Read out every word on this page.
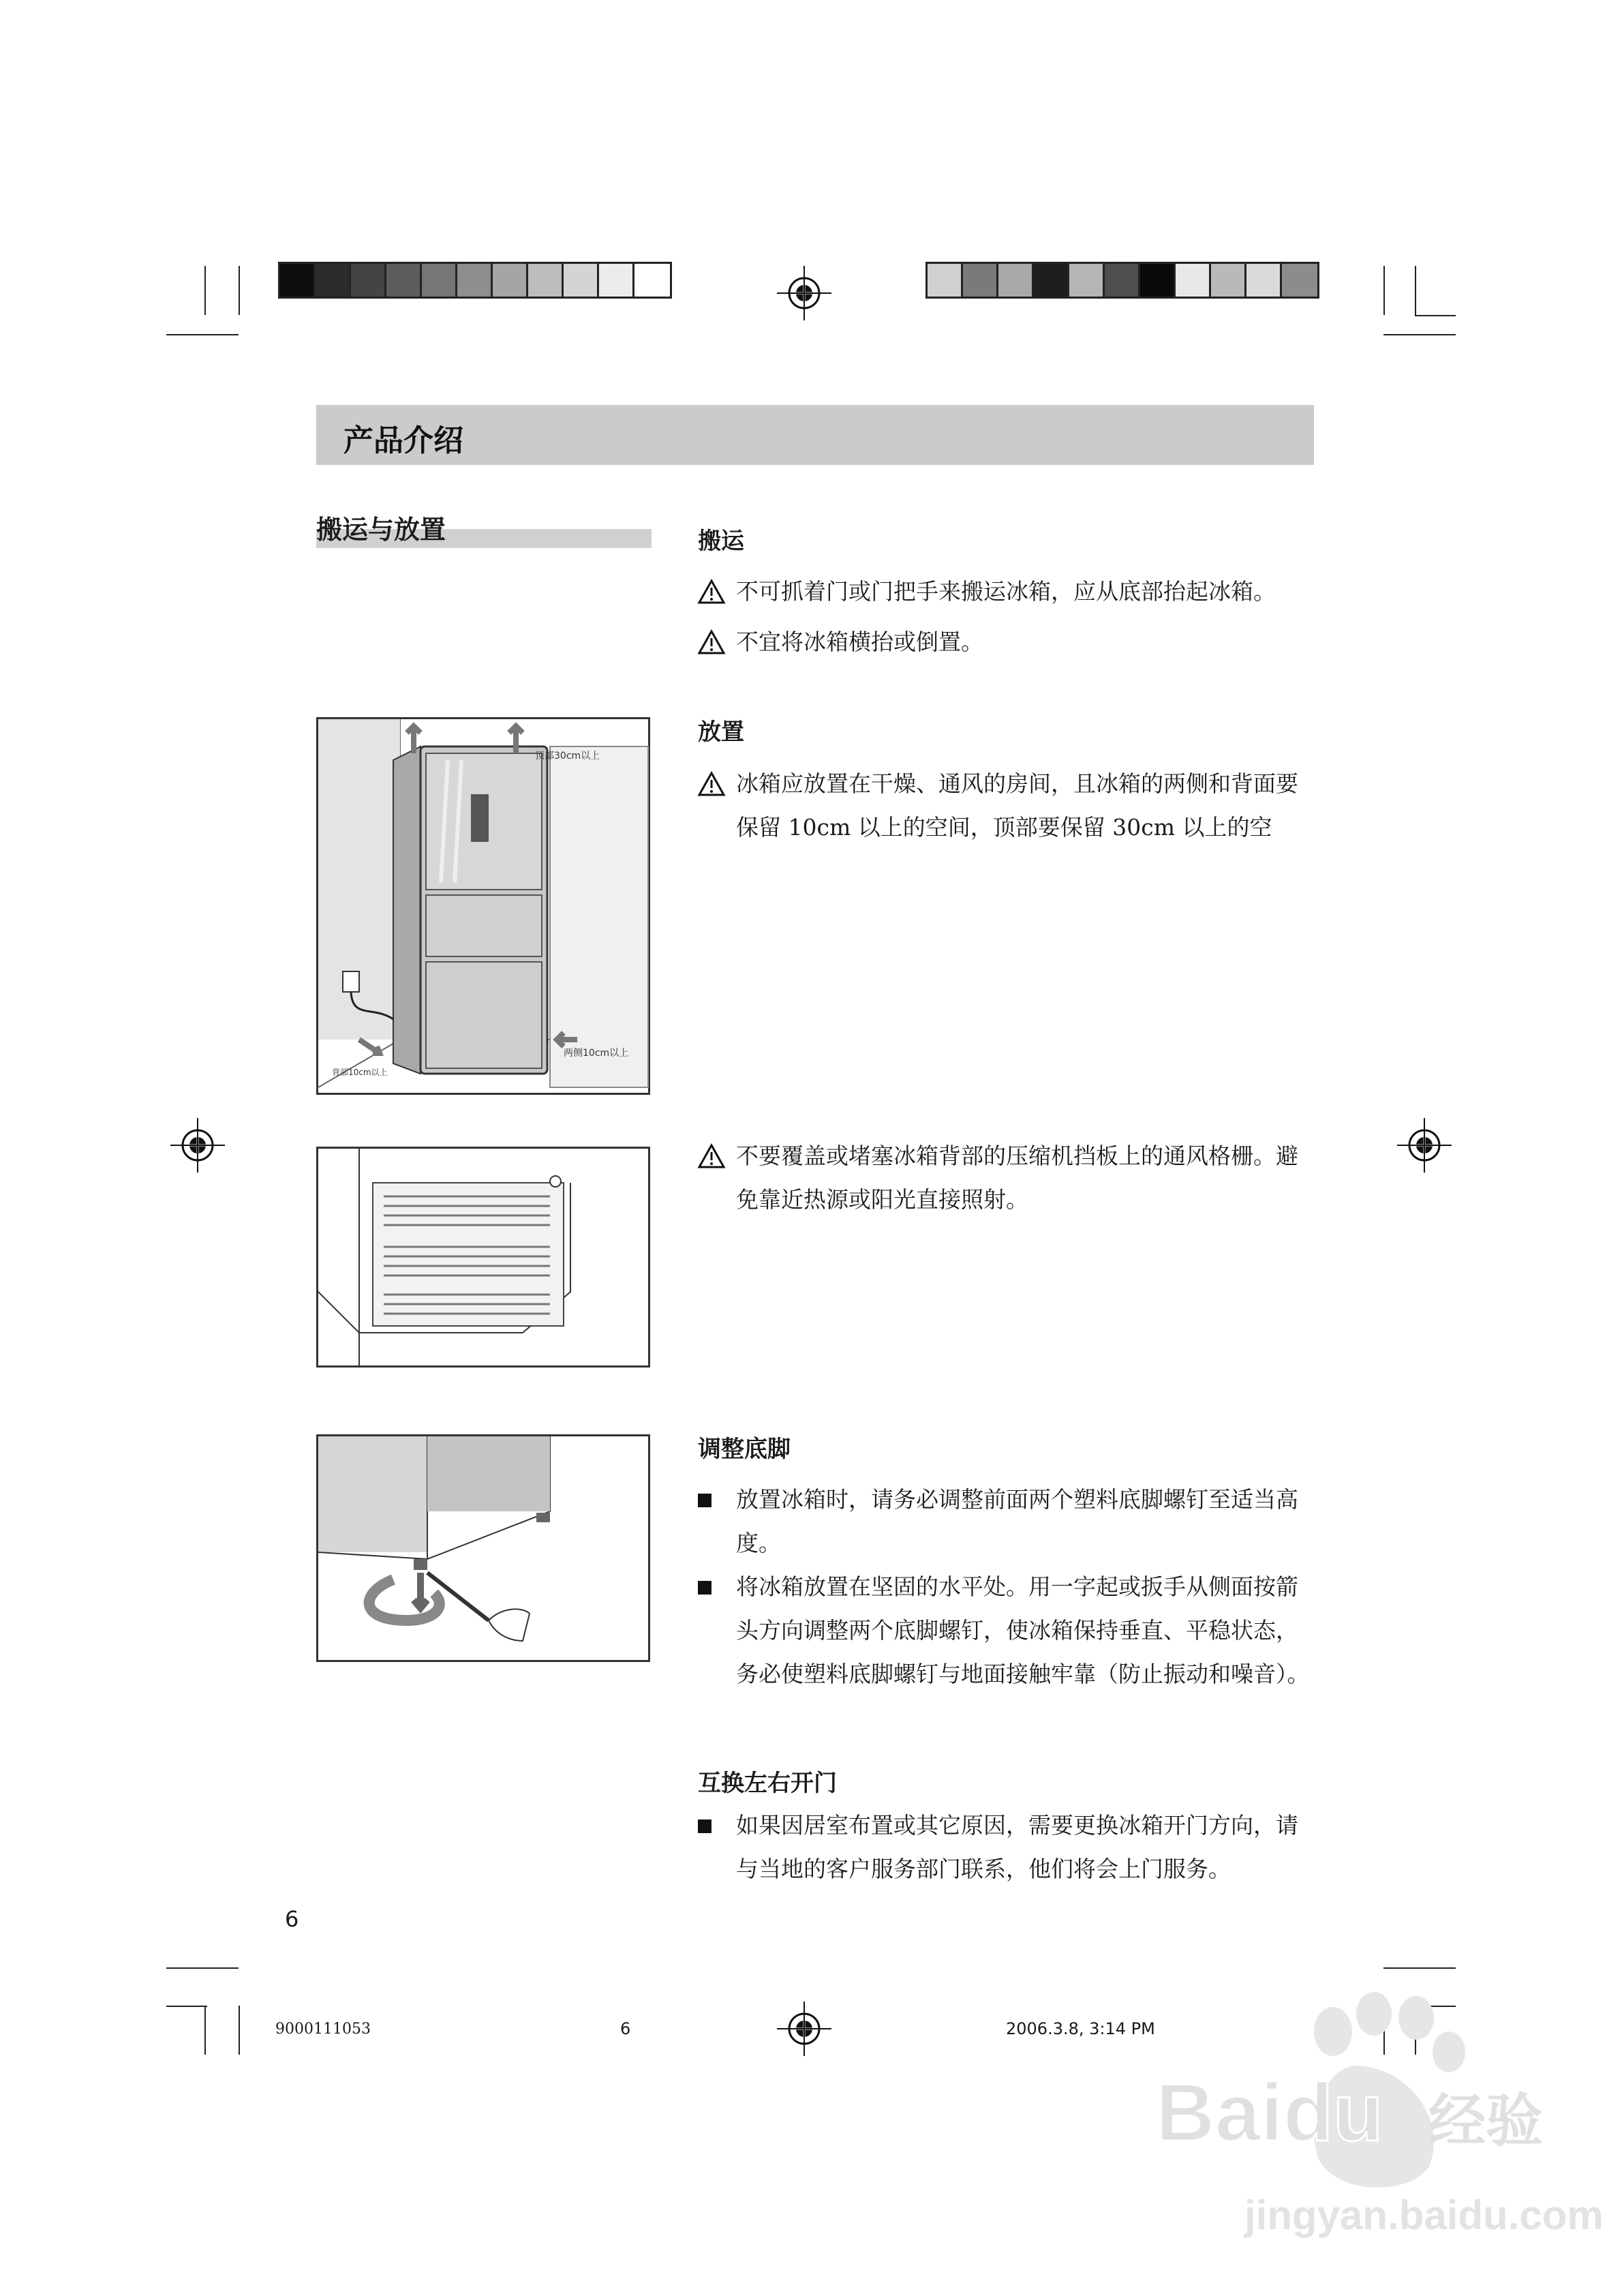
产品介绍
搬运与放置	搬运
不可抓着门或门把手来搬运冰箱，应从底部抬起冰箱。
不宜将冰箱横抬或倒置。
放置
冰箱应放置在干燥、通风的房间，且冰箱的两侧和背面要保留 10cm 以上的空间，顶部要保留 30cm 以上的空
顶部30cm以上
两侧10cm以上
背部10cm以上
不要覆盖或堵塞冰箱背部的压缩机挡板上的通风格栅。避免靠近热源或阳光直接照射。
调整底脚
放置冰箱时，请务必调整前面两个塑料底脚螺钉至适当高度。
将冰箱放置在坚固的水平处。用一字起或扳手从侧面按箭头方向调整两个底脚螺钉，使冰箱保持垂直、平稳状态，务必使塑料底脚螺钉与地面接触牢靠（防止振动和噪音）。
互换左右开门
如果因居室布置或其它原因，需要更换冰箱开门方向，请与当地的客户服务部门联系，他们将会上门服务。
6
9000111053	6	2006.3.8, 3:14 PM
Baidu 经验
jingyan.baidu.com
